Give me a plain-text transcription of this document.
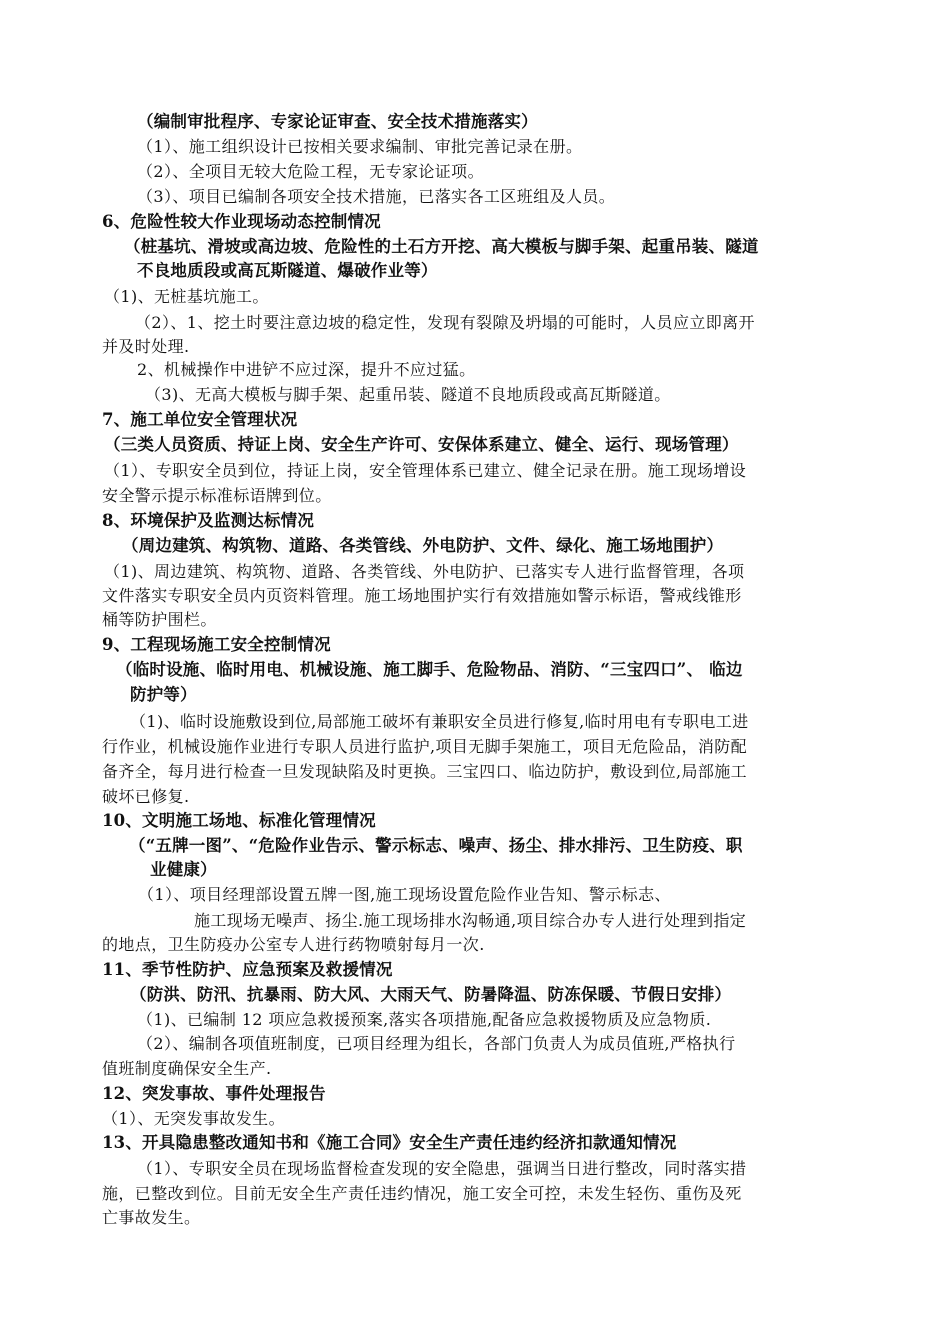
（编制审批程序、专家论证审查、安全技术措施落实）
（1）、施工组织设计已按相关要求编制、审批完善记录在册。
（2）、全项目无较大危险工程，无专家论证项。
（3）、项目已编制各项安全技术措施，已落实各工区班组及人员。
6、危险性较大作业现场动态控制情况
（桩基坑、滑坡或高边坡、危险性的土石方开挖、高大模板与脚手架、起重吊装、隧道
不良地质段或高瓦斯隧道、爆破作业等）
（1)、无桩基坑施工。
（2）、1、挖土时要注意边坡的稳定性，发现有裂隙及坍塌的可能时，人员应立即离开
并及时处理.
2、机械操作中进铲不应过深，提升不应过猛。
（3)、无高大模板与脚手架、起重吊装、隧道不良地质段或高瓦斯隧道。
7、施工单位安全管理状况
（三类人员资质、持证上岗、安全生产许可、安保体系建立、健全、运行、现场管理）
（1）、专职安全员到位，持证上岗，安全管理体系已建立、健全记录在册。施工现场增设
安全警示提示标准标语牌到位。
8、环境保护及监测达标情况
（周边建筑、构筑物、道路、各类管线、外电防护、文件、绿化、施工场地围护）
（1)、周边建筑、构筑物、道路、各类管线、外电防护、已落实专人进行监督管理，各项
文件落实专职安全员内页资料管理。施工场地围护实行有效措施如警示标语，警戒线锥形
桶等防护围栏。
9、工程现场施工安全控制情况
（临时设施、临时用电、机械设施、施工脚手、危险物品、消防、“三宝四口”、 临边
防护等）
（1)、临时设施敷设到位,局部施工破坏有兼职安全员进行修复,临时用电有专职电工进
行作业，机械设施作业进行专职人员进行监护,项目无脚手架施工，项目无危险品，消防配
备齐全，每月进行检查一旦发现缺陷及时更换。三宝四口、临边防护，敷设到位,局部施工
破坏已修复.
10、文明施工场地、标准化管理情况
（“五牌一图”、“危险作业告示、警示标志、噪声、扬尘、排水排污、卫生防疫、职
业健康）
（1）、项目经理部设置五牌一图,施工现场设置危险作业告知、警示标志、
施工现场无噪声、扬尘.施工现场排水沟畅通,项目综合办专人进行处理到指定
的地点，卫生防疫办公室专人进行药物喷射每月一次.
11、季节性防护、应急预案及救援情况
（防洪、防汛、抗暴雨、防大风、大雨天气、防暑降温、防冻保暖、节假日安排）
（1)、已编制 12 项应急救援预案,落实各项措施,配备应急救援物质及应急物质.
（2）、编制各项值班制度，已项目经理为组长，各部门负责人为成员值班,严格执行
值班制度确保安全生产.
12、突发事故、事件处理报告
（1）、无突发事故发生。
13、开具隐患整改通知书和《施工合同》安全生产责任违约经济扣款通知情况
（1）、专职安全员在现场监督检查发现的安全隐患，强调当日进行整改，同时落实措
施，已整改到位。目前无安全生产责任违约情况，施工安全可控，未发生轻伤、重伤及死
亡事故发生。
